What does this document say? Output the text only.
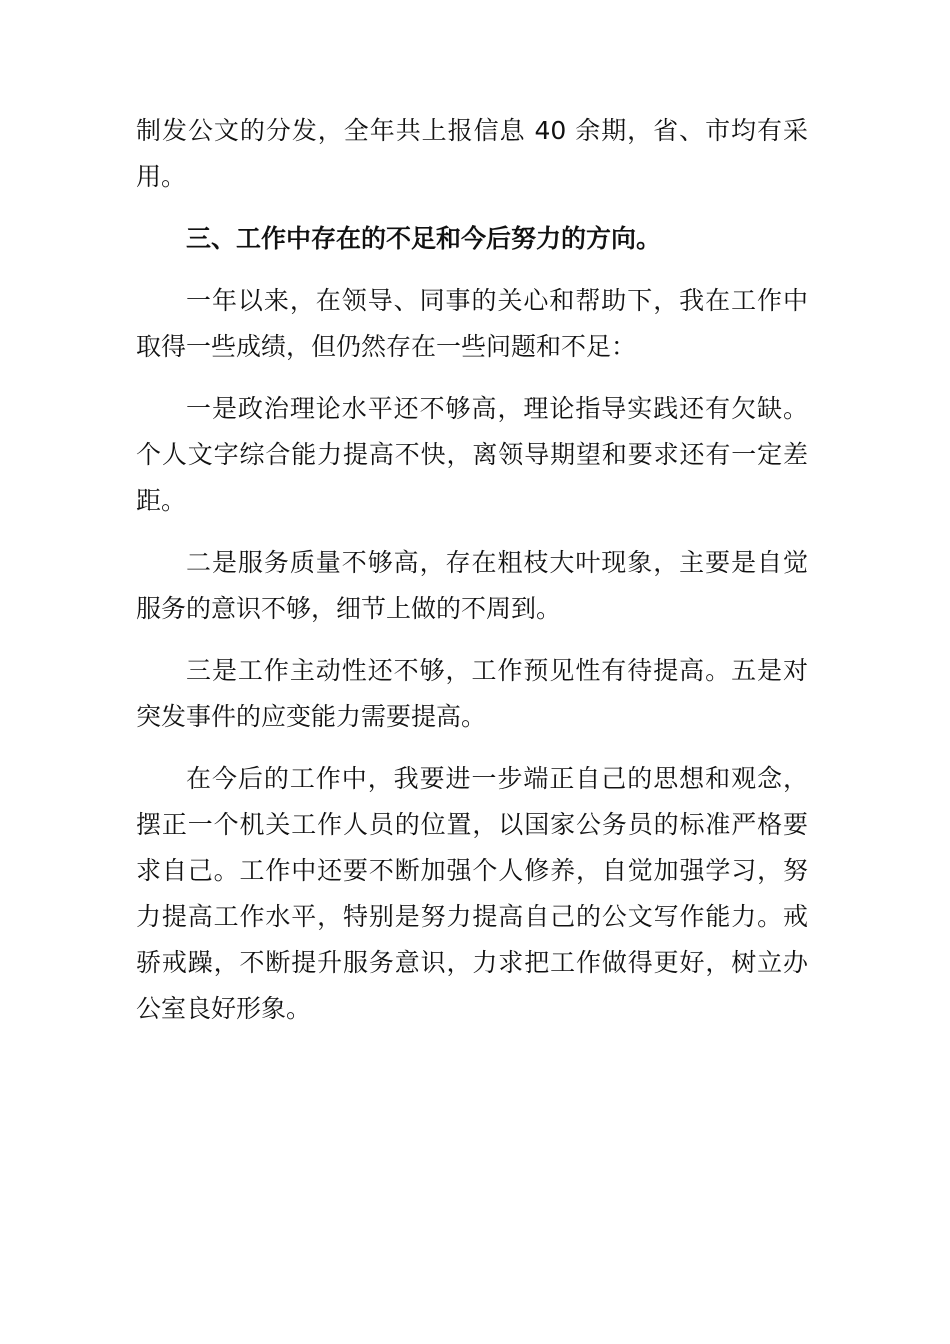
制发公文的分发，全年共上报信息 40 余期，省、市均有采用。

三、工作中存在的不足和今后努力的方向。

一年以来，在领导、同事的关心和帮助下，我在工作中取得一些成绩，但仍然存在一些问题和不足：

一是政治理论水平还不够高，理论指导实践还有欠缺。个人文字综合能力提高不快，离领导期望和要求还有一定差距。

二是服务质量不够高，存在粗枝大叶现象，主要是自觉服务的意识不够，细节上做的不周到。

三是工作主动性还不够，工作预见性有待提高。五是对突发事件的应变能力需要提高。

在今后的工作中，我要进一步端正自己的思想和观念，摆正一个机关工作人员的位置，以国家公务员的标准严格要求自己。工作中还要不断加强个人修养，自觉加强学习，努力提高工作水平，特别是努力提高自己的公文写作能力。戒骄戒躁，不断提升服务意识，力求把工作做得更好，树立办公室良好形象。
